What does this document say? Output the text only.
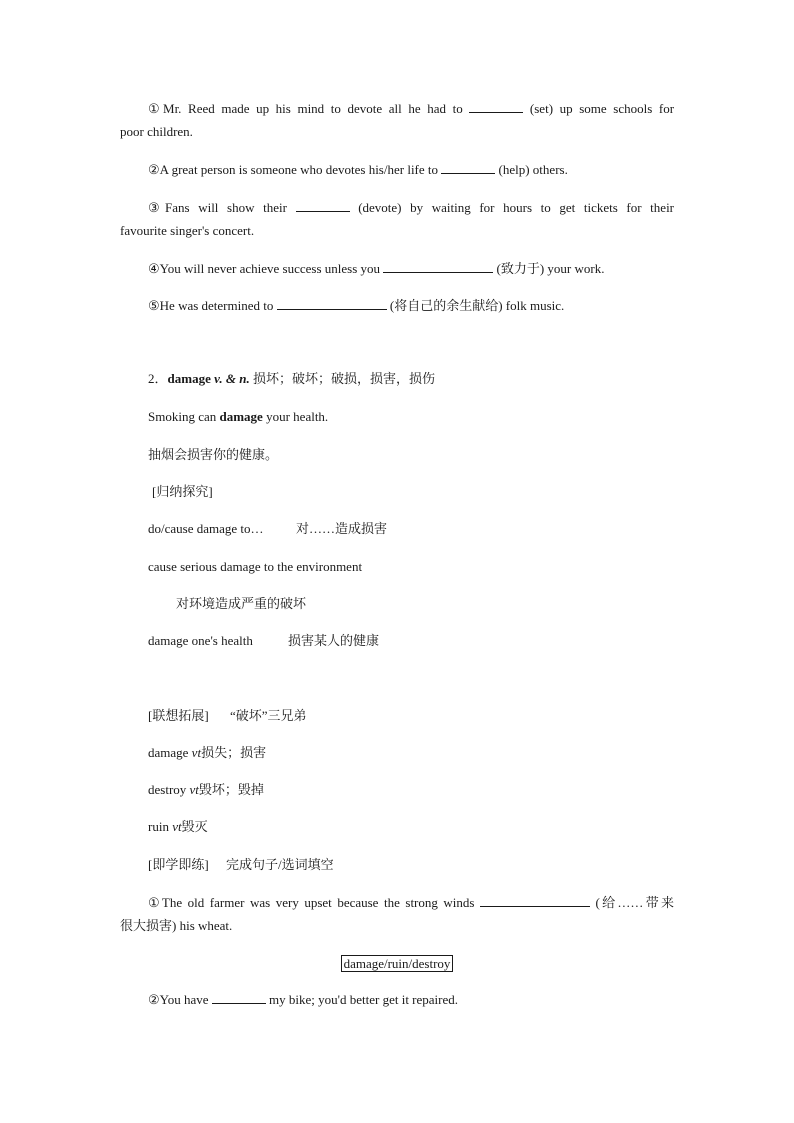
①Mr. Reed made up his mind to devote all he had to	(set) up some schools for
poor children.
②A great person is someone who devotes his/her life to	(help) others.
③Fans will show their	(devote) by waiting for hours to get tickets for their
favourite singer's concert.
④You will never achieve success unless you	(致力于) your work.
⑤He was determined to	(将自己的余生献给) folk music.
2．damage v. & n. 损坏；破坏；破损，损害，损伤
Smoking can damage your health.
抽烟会损害你的健康。
[归纳探究]
do/cause damage to… 对……造成损害
cause serious damage to the environment
对环境造成严重的破坏
damage one's health	损害某人的健康
[联想拓展] “破坏”三兄弟
damage vt损失；损害
destroy vt毁坏；毁掉
ruin vt毁灭
[即学即练] 完成句子/选词填空
①The old farmer was very upset because the strong winds	(给……带来
很大损害) his wheat.
damage/ruin/destroy
②You have	my bike; you'd better get it repaired.
